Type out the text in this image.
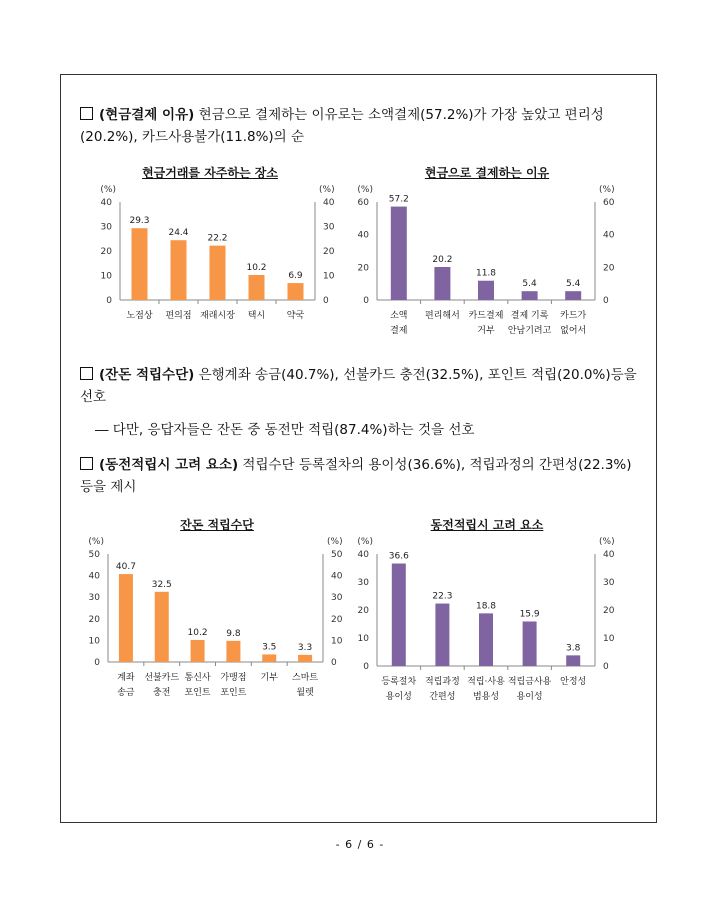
(현금결제 이유) 현금으로 결제하는 이유로는 소액결제(57.2%)가 가장 높았고 편리성(20.2%), 카드사용불가(11.8%)의 순
현금거래를 자주하는 장소
(%)	(%)
0	0
10	10
20	20
30	30
40	40
29.3
노점상
24.4
편의점
22.2
재래시장
10.2
택시
6.9
약국
현금으로 결제하는 이유
(%)	(%)
0	0
20	20
40	40
60	60
57.2
소액
결제
20.2
편리해서
11.8
카드결제
거부
5.4
결제 기록
안남기려고
5.4
카드가
없어서
(잔돈 적립수단) 은행계좌 송금(40.7%), 선불카드 충전(32.5%), 포인트 적립(20.0%)등을 선호
― 다만, 응답자들은 잔돈 중 동전만 적립(87.4%)하는 것을 선호
(동전적립시 고려 요소) 적립수단 등록절차의 용이성(36.6%), 적립과정의 간편성(22.3%) 등을 제시
잔돈 적립수단
(%)	(%)
0	0
10	10
20	20
30	30
40	40
50	50
40.7
계좌
송금
32.5
선불카드
충전
10.2
통신사
포인트
9.8
가맹점
포인트
3.5
기부
3.3
스마트
월렛
동전적립시 고려 요소
(%)	(%)
0	0
10	10
20	20
30	30
40	40
36.6
등록절차
용이성
22.3
적립과정
간편성
18.8
적립·사용
범용성
15.9
적립금사용
용이성
3.8
안정성
- 6 / 6 -
